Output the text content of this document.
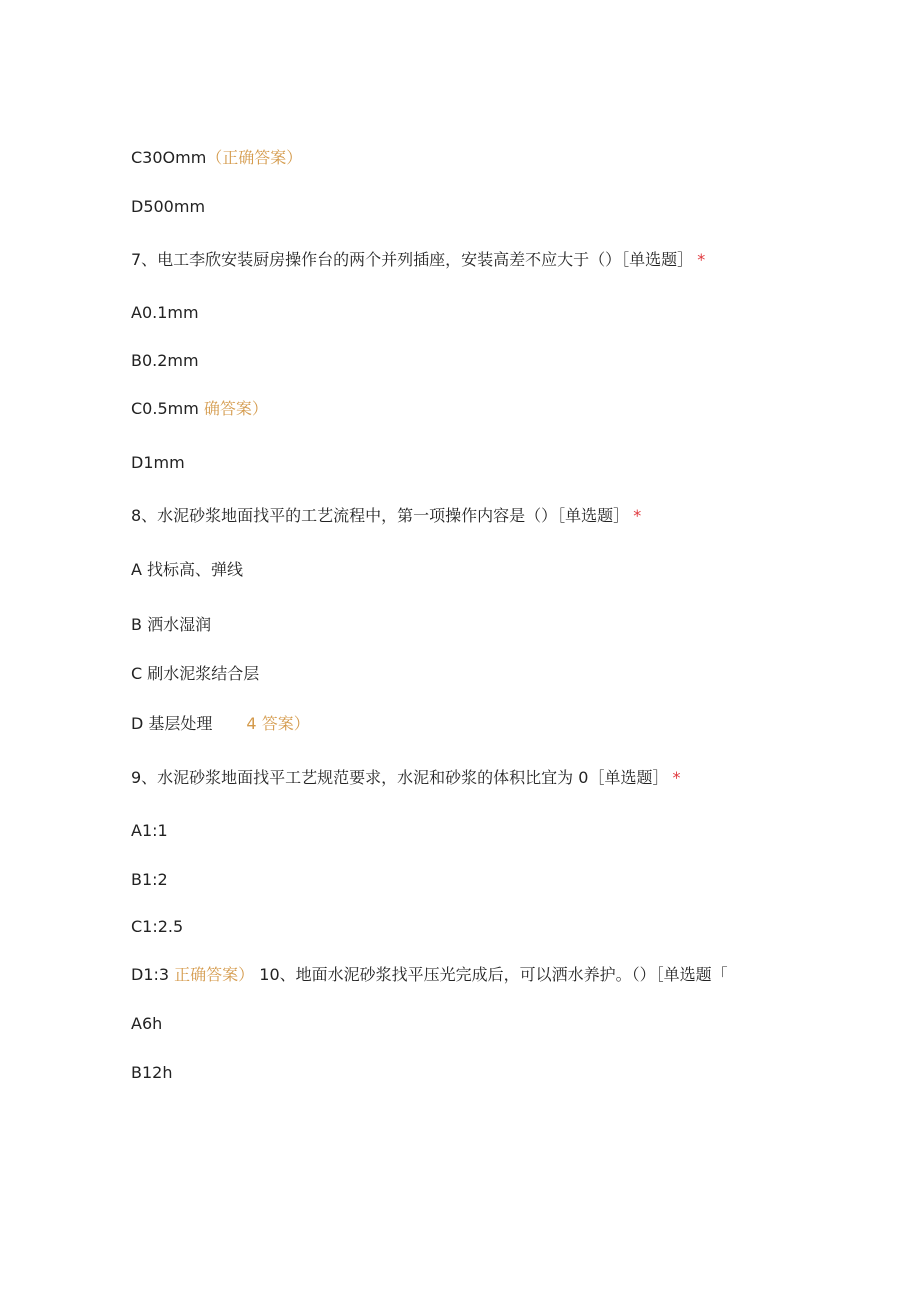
C30Omm（正确答案）
D500mm
7、电工李欣安装厨房操作台的两个并列插座，安装高差不应大于（）［单选题］ *
A0.1mm
B0.2mm
C0.5mm 确答案）
D1mm
8、水泥砂浆地面找平的工艺流程中，第一项操作内容是（）［单选题］ *
A 找标高、弹线
B 洒水湿润
C 刷水泥浆结合层
D 基层处理 4 答案）
9、水泥砂浆地面找平工艺规范要求，水泥和砂浆的体积比宜为 0［单选题］ *
A1:1
B1:2
C1:2.5
D1:3 正确答案） 10、地面水泥砂浆找平压光完成后，可以洒水养护。（）［单选题「
A6h
B12h
